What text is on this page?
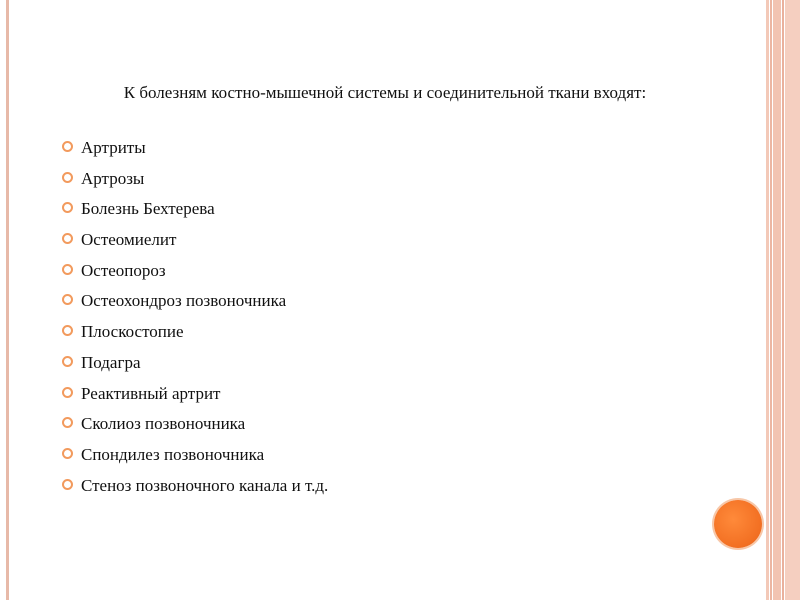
К болезням костно-мышечной системы и соединительной ткани входят:
Артриты
Артрозы
Болезнь Бехтерева
Остеомиелит
Остеопороз
Остеохондроз позвоночника
Плоскостопие
Подагра
Реактивный артрит
Сколиоз позвоночника
Спондилез позвоночника
Стеноз позвоночного канала и т.д.
